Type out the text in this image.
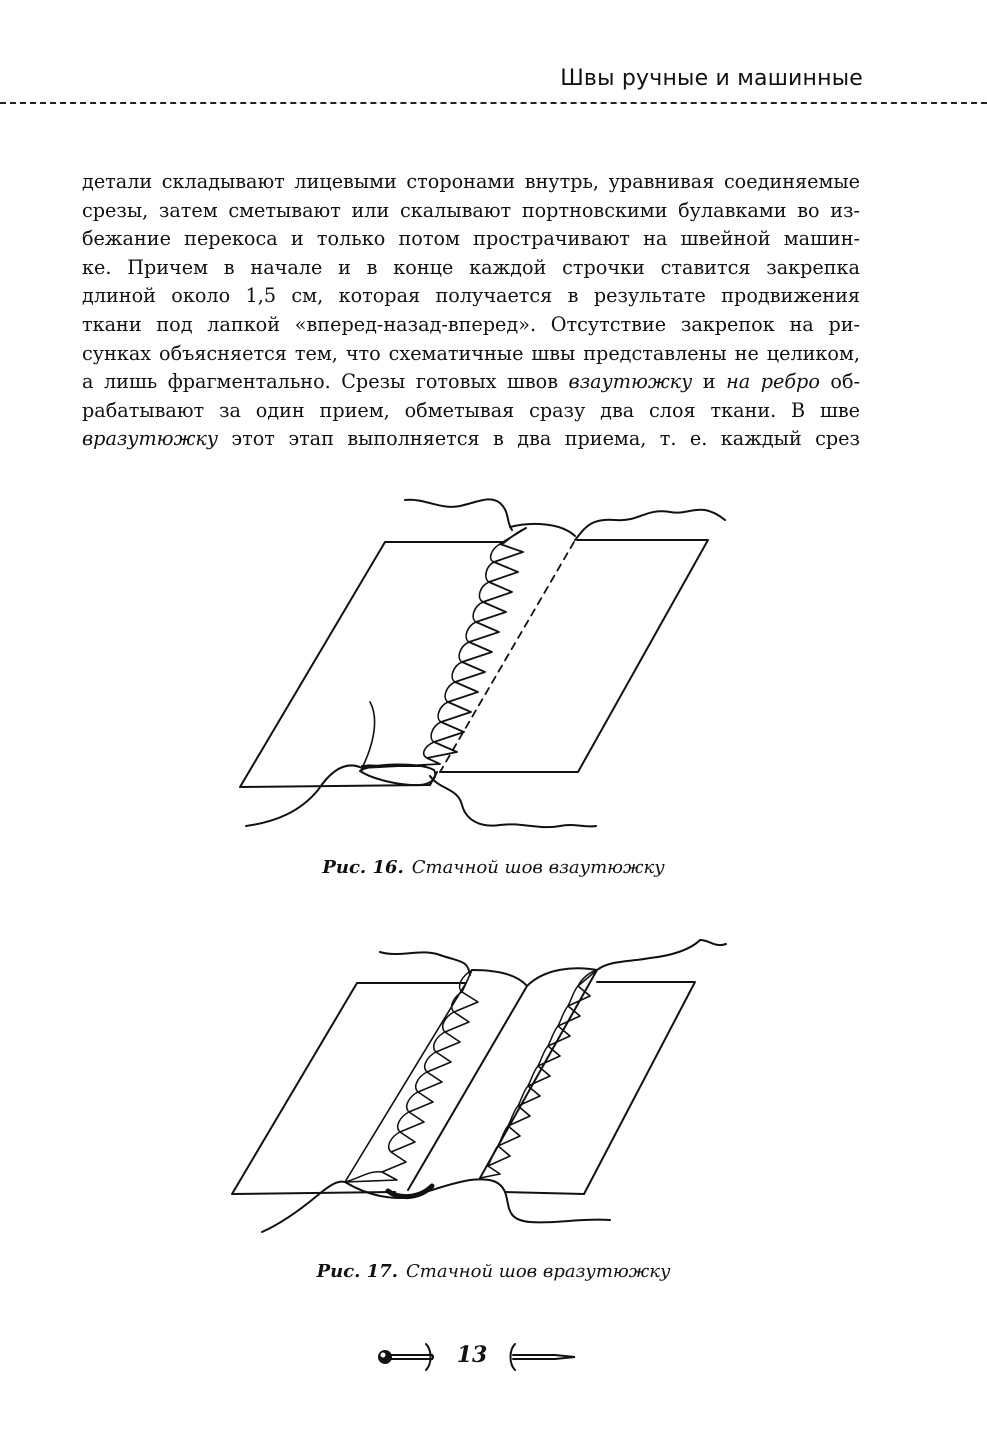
Швы ручные и машинные
детали складывают лицевыми сторонами внутрь, уравнивая соединяемые
срезы, затем сметывают или скалывают портновскими булавками во из-
бежание перекоса и только потом прострачивают на швейной машин-
ке. Причем в начале и в конце каждой строчки ставится закрепка
длиной около 1,5 см, которая получается в результате продвижения
ткани под лапкой «вперед-назад-вперед». Отсутствие закрепок на ри-
сунках объясняется тем, что схематичные швы представлены не целиком,
а лишь фрагментально. Срезы готовых швов взаутюжку и на ребро об-
рабатывают за один прием, обметывая сразу два слоя ткани. В шве
вразутюжку этот этап выполняется в два приема, т. е. каждый срез
Рис. 16. Стачной шов взаутюжку
Рис. 17. Стачной шов вразутюжку
13
